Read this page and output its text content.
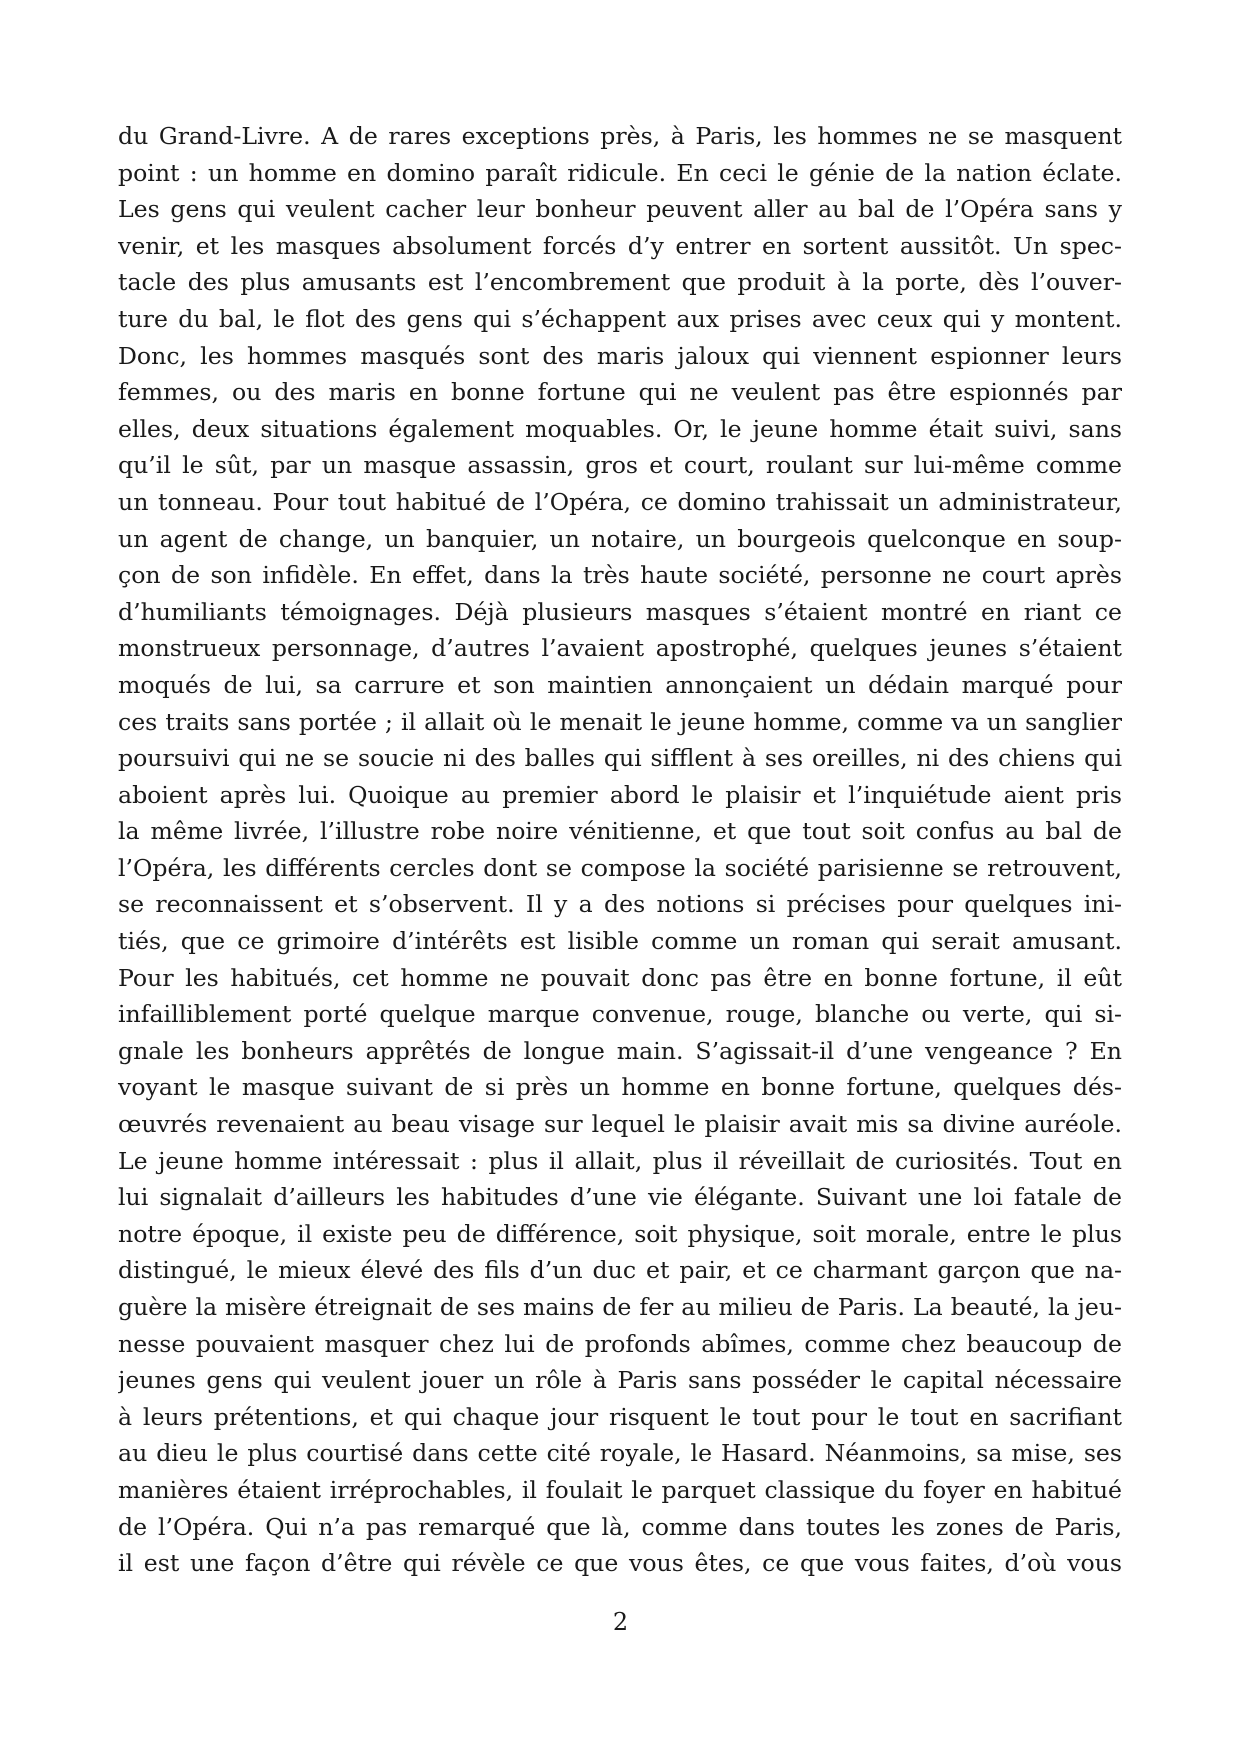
du Grand-Livre. A de rares exceptions près, à Paris, les hommes ne se masquent
point : un homme en domino paraît ridicule. En ceci le génie de la nation éclate.
Les gens qui veulent cacher leur bonheur peuvent aller au bal de l’Opéra sans y
venir, et les masques absolument forcés d’y entrer en sortent aussitôt. Un spec-
tacle des plus amusants est l’encombrement que produit à la porte, dès l’ouver-
ture du bal, le flot des gens qui s’échappent aux prises avec ceux qui y montent.
Donc, les hommes masqués sont des maris jaloux qui viennent espionner leurs
femmes, ou des maris en bonne fortune qui ne veulent pas être espionnés par
elles, deux situations également moquables. Or, le jeune homme était suivi, sans
qu’il le sût, par un masque assassin, gros et court, roulant sur lui-même comme
un tonneau. Pour tout habitué de l’Opéra, ce domino trahissait un administrateur,
un agent de change, un banquier, un notaire, un bourgeois quelconque en soup-
çon de son infidèle. En effet, dans la très haute société, personne ne court après
d’humiliants témoignages. Déjà plusieurs masques s’étaient montré en riant ce
monstrueux personnage, d’autres l’avaient apostrophé, quelques jeunes s’étaient
moqués de lui, sa carrure et son maintien annonçaient un dédain marqué pour
ces traits sans portée ; il allait où le menait le jeune homme, comme va un sanglier
poursuivi qui ne se soucie ni des balles qui sifflent à ses oreilles, ni des chiens qui
aboient après lui. Quoique au premier abord le plaisir et l’inquiétude aient pris
la même livrée, l’illustre robe noire vénitienne, et que tout soit confus au bal de
l’Opéra, les différents cercles dont se compose la société parisienne se retrouvent,
se reconnaissent et s’observent. Il y a des notions si précises pour quelques ini-
tiés, que ce grimoire d’intérêts est lisible comme un roman qui serait amusant.
Pour les habitués, cet homme ne pouvait donc pas être en bonne fortune, il eût
infailliblement porté quelque marque convenue, rouge, blanche ou verte, qui si-
gnale les bonheurs apprêtés de longue main. S’agissait-il d’une vengeance ? En
voyant le masque suivant de si près un homme en bonne fortune, quelques dés-
œuvrés revenaient au beau visage sur lequel le plaisir avait mis sa divine auréole.
Le jeune homme intéressait : plus il allait, plus il réveillait de curiosités. Tout en
lui signalait d’ailleurs les habitudes d’une vie élégante. Suivant une loi fatale de
notre époque, il existe peu de différence, soit physique, soit morale, entre le plus
distingué, le mieux élevé des fils d’un duc et pair, et ce charmant garçon que na-
guère la misère étreignait de ses mains de fer au milieu de Paris. La beauté, la jeu-
nesse pouvaient masquer chez lui de profonds abîmes, comme chez beaucoup de
jeunes gens qui veulent jouer un rôle à Paris sans posséder le capital nécessaire
à leurs prétentions, et qui chaque jour risquent le tout pour le tout en sacrifiant
au dieu le plus courtisé dans cette cité royale, le Hasard. Néanmoins, sa mise, ses
manières étaient irréprochables, il foulait le parquet classique du foyer en habitué
de l’Opéra. Qui n’a pas remarqué que là, comme dans toutes les zones de Paris,
il est une façon d’être qui révèle ce que vous êtes, ce que vous faites, d’où vous
2
